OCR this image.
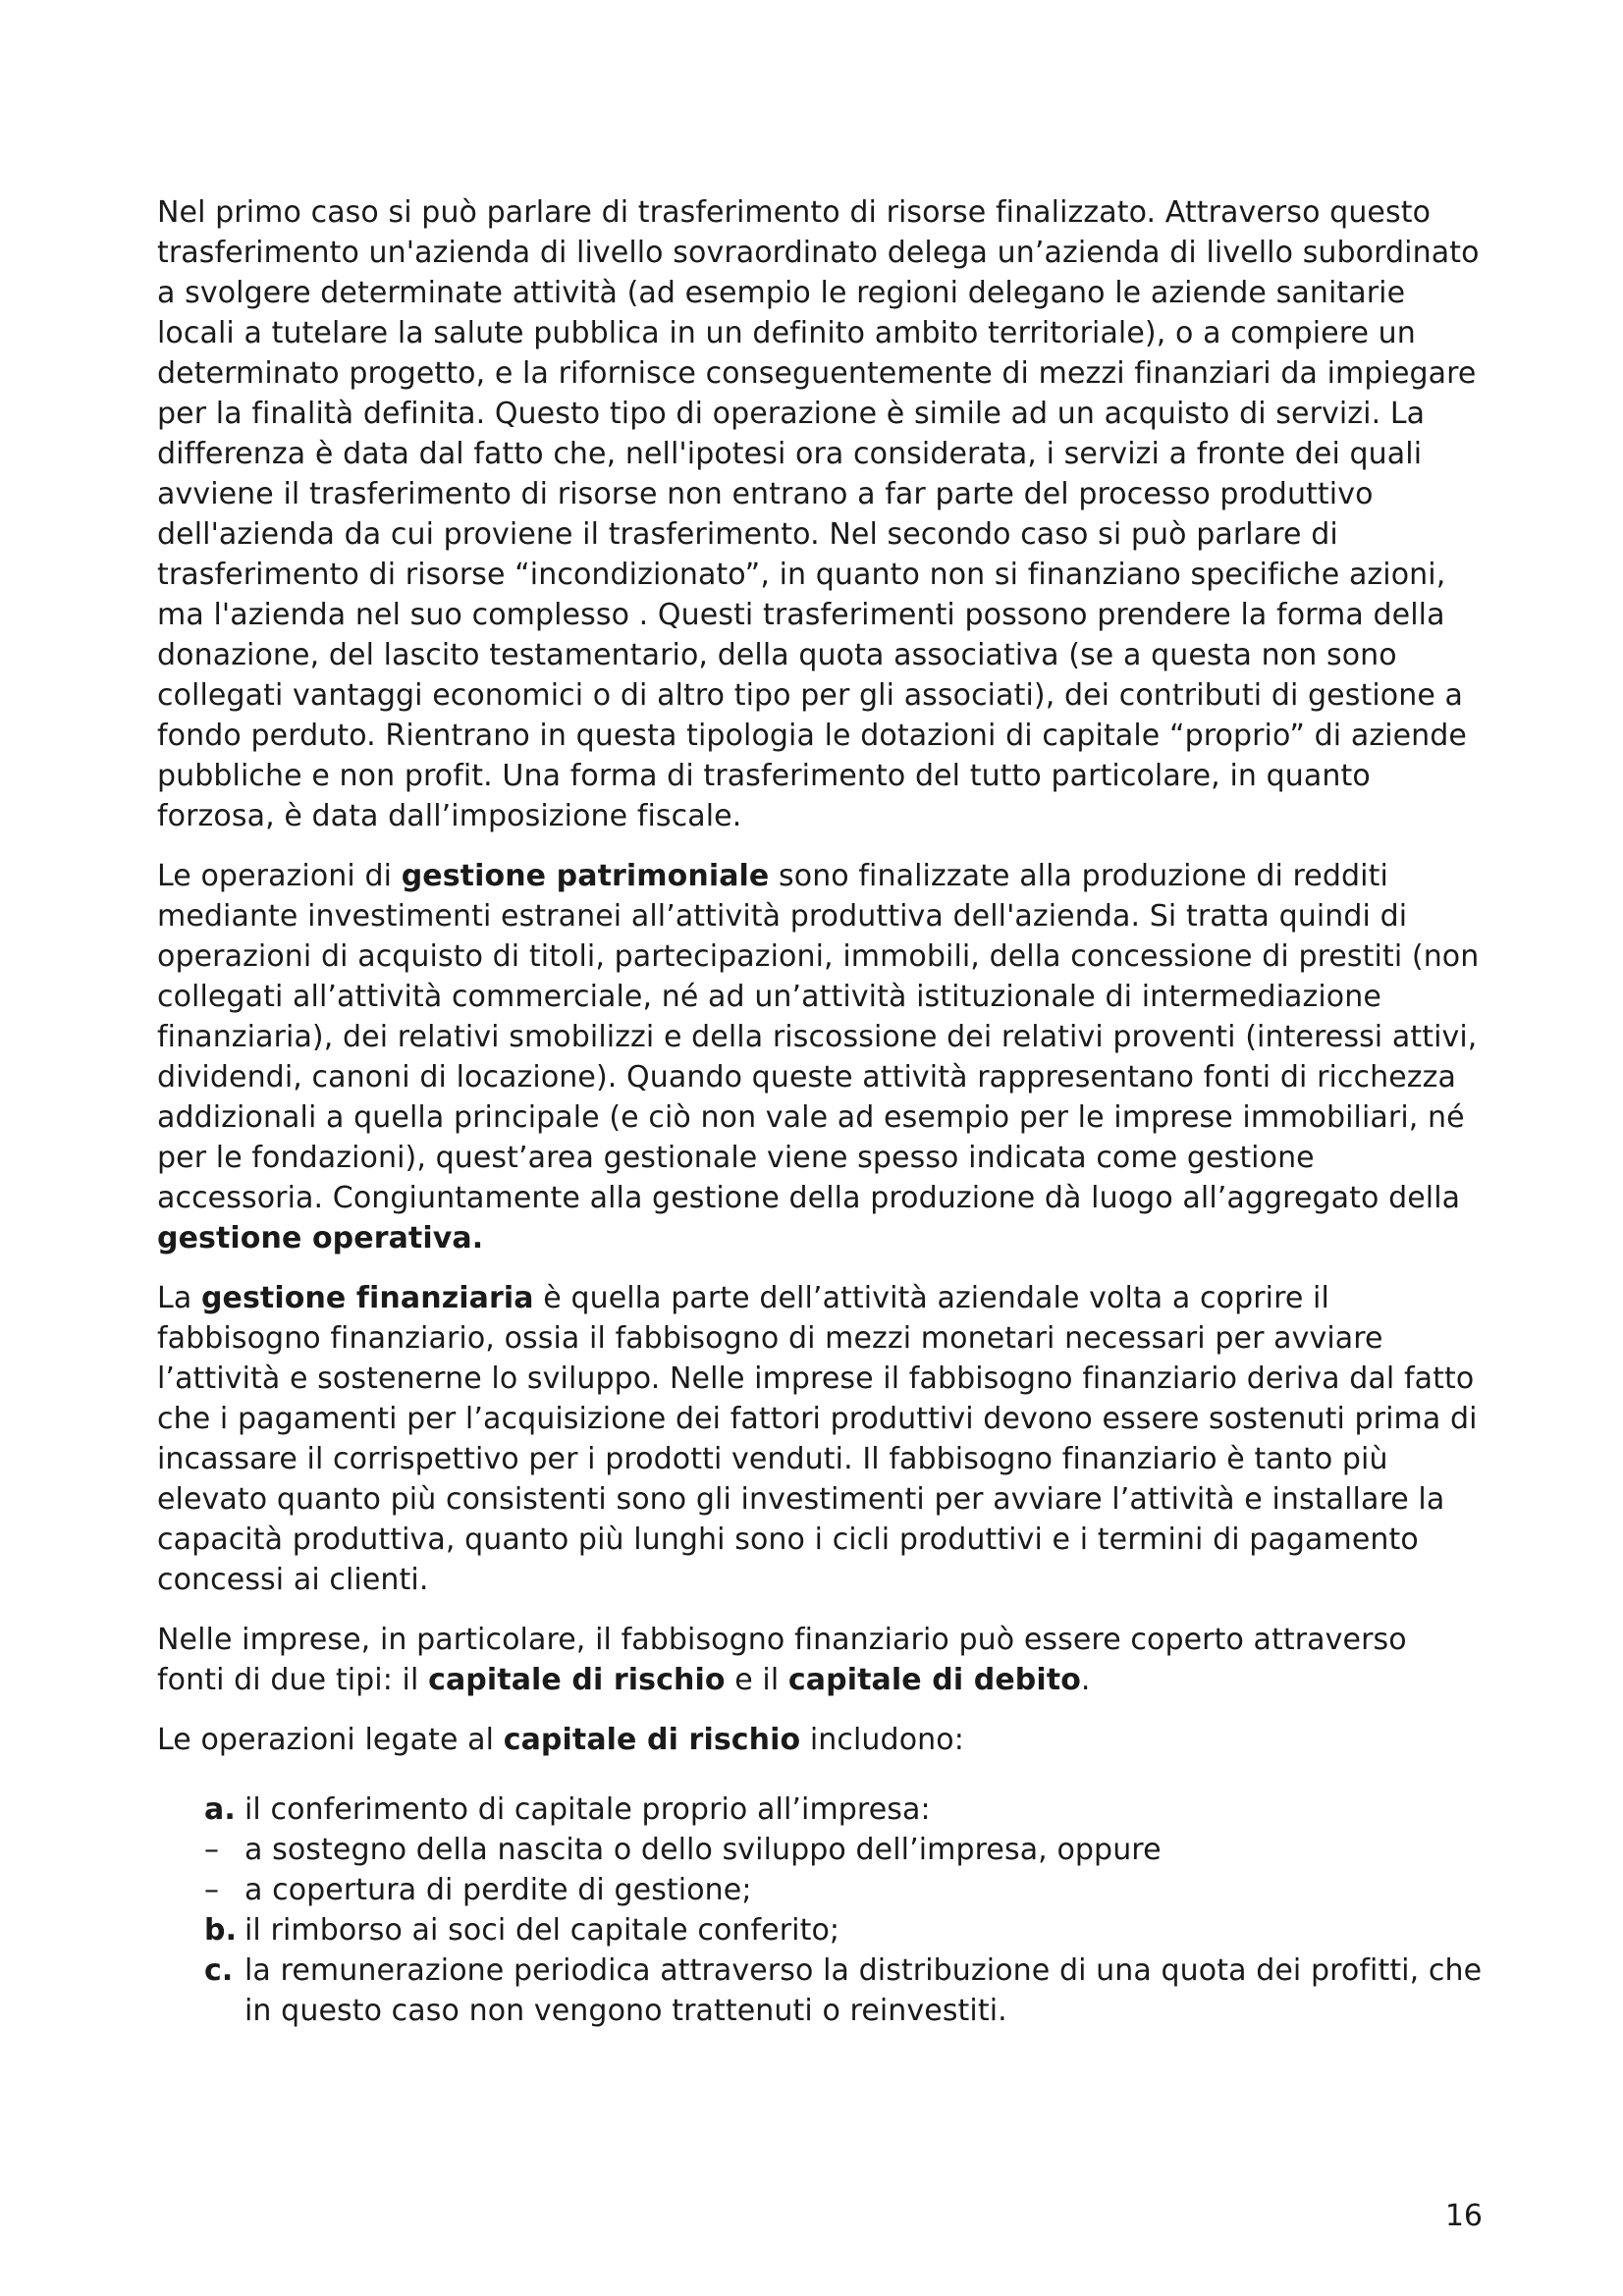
Nel primo caso si può parlare di trasferimento di risorse finalizzato. Attraverso questo trasferimento un'azienda di livello sovraordinato delega un’azienda di livello subordinato a svolgere determinate attività (ad esempio le regioni delegano le aziende sanitarie locali a tutelare la salute pubblica in un definito ambito territoriale), o a compiere un determinato progetto, e la rifornisce conseguentemente di mezzi finanziari da impiegare per la finalità definita. Questo tipo di operazione è simile ad un acquisto di servizi. La differenza è data dal fatto che, nell'ipotesi ora considerata, i servizi a fronte dei quali avviene il trasferimento di risorse non entrano a far parte del processo produttivo dell'azienda da cui proviene il trasferimento. Nel secondo caso si può parlare di trasferimento di risorse “incondizionato”, in quanto non si finanziano specifiche azioni, ma l'azienda nel suo complesso . Questi trasferimenti possono prendere la forma della donazione, del lascito testamentario, della quota associativa (se a questa non sono collegati vantaggi economici o di altro tipo per gli associati), dei contributi di gestione a fondo perduto. Rientrano in questa tipologia le dotazioni di capitale “proprio” di aziende pubbliche e non profit. Una forma di trasferimento del tutto particolare, in quanto forzosa, è data dall’imposizione fiscale.

Le operazioni di gestione patrimoniale sono finalizzate alla produzione di redditi mediante investimenti estranei all’attività produttiva dell'azienda. Si tratta quindi di operazioni di acquisto di titoli, partecipazioni, immobili, della concessione di prestiti (non collegati all’attività commerciale, né ad un’attività istituzionale di intermediazione finanziaria), dei relativi smobilizzi e della riscossione dei relativi proventi (interessi attivi, dividendi, canoni di locazione). Quando queste attività rappresentano fonti di ricchezza addizionali a quella principale (e ciò non vale ad esempio per le imprese immobiliari, né per le fondazioni), quest’area gestionale viene spesso indicata come gestione accessoria. Congiuntamente alla gestione della produzione dà luogo all’aggregato della gestione operativa.

La gestione finanziaria è quella parte dell’attività aziendale volta a coprire il fabbisogno finanziario, ossia il fabbisogno di mezzi monetari necessari per avviare l’attività e sostenerne lo sviluppo. Nelle imprese il fabbisogno finanziario deriva dal fatto che i pagamenti per l’acquisizione dei fattori produttivi devono essere sostenuti prima di incassare il corrispettivo per i prodotti venduti. Il fabbisogno finanziario è tanto più elevato quanto più consistenti sono gli investimenti per avviare l’attività e installare la capacità produttiva, quanto più lunghi sono i cicli produttivi e i termini di pagamento concessi ai clienti.

Nelle imprese, in particolare, il fabbisogno finanziario può essere coperto attraverso fonti di due tipi: il capitale di rischio e il capitale di debito.

Le operazioni legate al capitale di rischio includono:

a. il conferimento di capitale proprio all’impresa:
– a sostegno della nascita o dello sviluppo dell’impresa, oppure
– a copertura di perdite di gestione;
b. il rimborso ai soci del capitale conferito;
c. la remunerazione periodica attraverso la distribuzione di una quota dei profitti, che in questo caso non vengono trattenuti o reinvestiti.
16
